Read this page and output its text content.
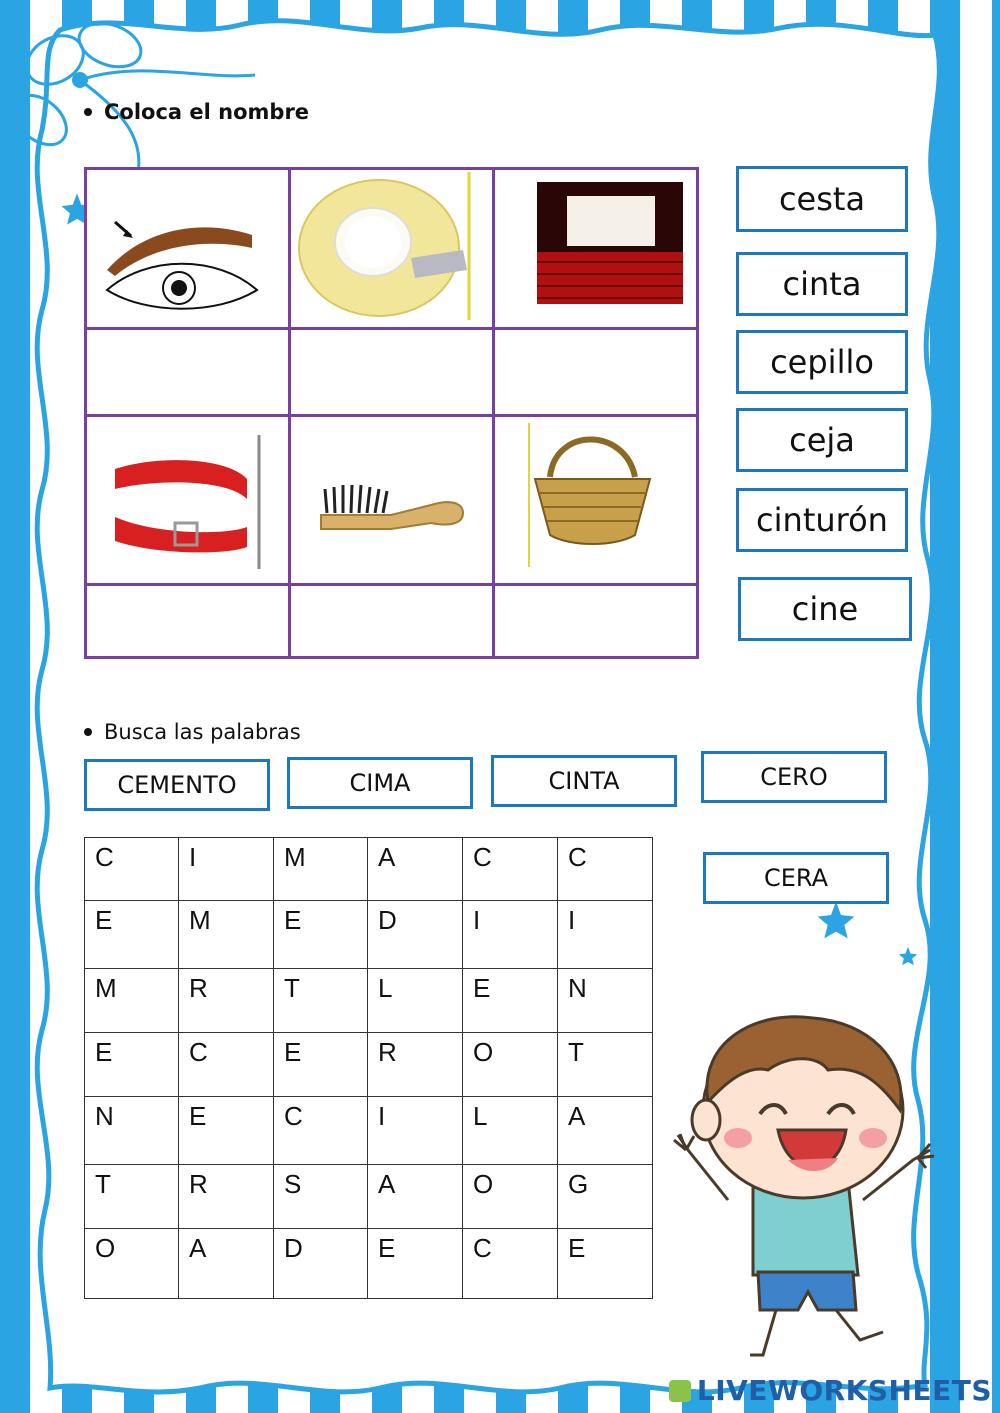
Coloca el nombre
cesta
cinta
cepillo
ceja
cinturón
cine
Busca las palabras
CEMENTO	CIMA	CINTA	CERO
CERA
C	I	M	A	C	C
E	M	E	D	I	I
M	R	T	L	E	N
E	C	E	R	O	T
N	E	C	I	L	A
T	R	S	A	O	G
O	A	D	E	C	E
LIVEWORKSHEETS
